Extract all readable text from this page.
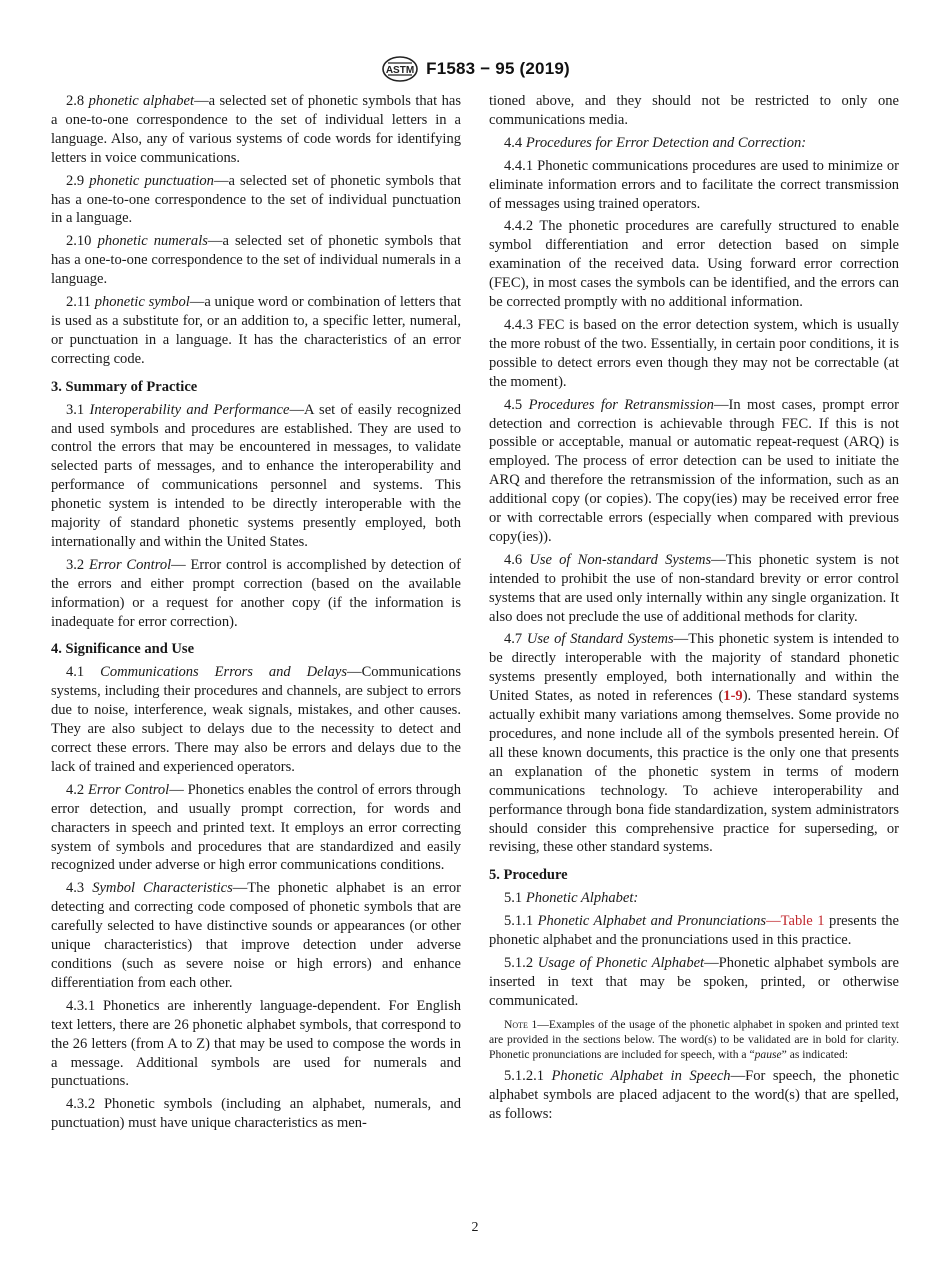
ASTM F1583 − 95 (2019)

2.8 phonetic alphabet—a selected set of phonetic symbols that has a one-to-one correspondence to the set of individual letters in a language. Also, any of various systems of code words for identifying letters in voice communications.

2.9 phonetic punctuation—a selected set of phonetic symbols that has a one-to-one correspondence to the set of individual punctuation in a language.

2.10 phonetic numerals—a selected set of phonetic symbols that has a one-to-one correspondence to the set of individual numerals in a language.

2.11 phonetic symbol—a unique word or combination of letters that is used as a substitute for, or an addition to, a specific letter, numeral, or punctuation in a language. It has the characteristics of an error correcting code.

3. Summary of Practice

3.1 Interoperability and Performance—A set of easily recognized and used symbols and procedures are established. They are used to control the errors that may be encountered in messages, to validate selected parts of messages, and to enhance the interoperability and performance of communications personnel and systems. This phonetic system is intended to be directly interoperable with the majority of standard phonetic systems presently employed, both internationally and within the United States.

3.2 Error Control— Error control is accomplished by detection of the errors and either prompt correction (based on the available information) or a request for another copy (if the information is inadequate for error correction).

4. Significance and Use

4.1 Communications Errors and Delays—Communications systems, including their procedures and channels, are subject to errors due to noise, interference, weak signals, mistakes, and other causes. They are also subject to delays due to the necessity to detect and correct these errors. There may also be errors and delays due to the lack of trained and experienced operators.

4.2 Error Control— Phonetics enables the control of errors through error detection, and usually prompt correction, for words and characters in speech and printed text. It employs an error correcting system of symbols and procedures that are standardized and easily recognized under adverse or high error communications conditions.

4.3 Symbol Characteristics—The phonetic alphabet is an error detecting and correcting code composed of phonetic symbols that are carefully selected to have distinctive sounds or appearances (or other unique characteristics) that improve detection under adverse conditions (such as severe noise or high errors) and enhance differentiation from each other.

4.3.1 Phonetics are inherently language-dependent. For English text letters, there are 26 phonetic alphabet symbols, that correspond to the 26 letters (from A to Z) that may be used to compose the words in a message. Additional symbols are used for numerals and punctuations.

4.3.2 Phonetic symbols (including an alphabet, numerals, and punctuation) must have unique characteristics as men-

tioned above, and they should not be restricted to only one communications media.

4.4 Procedures for Error Detection and Correction:

4.4.1 Phonetic communications procedures are used to minimize or eliminate information errors and to facilitate the correct transmission of messages using trained operators.

4.4.2 The phonetic procedures are carefully structured to enable symbol differentiation and error detection based on simple examination of the received data. Using forward error correction (FEC), in most cases the symbols can be identified, and the errors can be corrected promptly with no additional information.

4.4.3 FEC is based on the error detection system, which is usually the more robust of the two. Essentially, in certain poor conditions, it is possible to detect errors even though they may not be correctable (at the moment).

4.5 Procedures for Retransmission—In most cases, prompt error detection and correction is achievable through FEC. If this is not possible or acceptable, manual or automatic repeat-request (ARQ) is employed. The process of error detection can be used to initiate the ARQ and therefore the retransmission of the information, such as an additional copy (or copies). The copy(ies) may be received error free or with correctable errors (especially when compared with previous copy(ies)).

4.6 Use of Non-standard Systems—This phonetic system is not intended to prohibit the use of non-standard brevity or error control systems that are used only internally within any single organization. It also does not preclude the use of additional methods for clarity.

4.7 Use of Standard Systems—This phonetic system is intended to be directly interoperable with the majority of standard phonetic systems presently employed, both internationally and within the United States, as noted in references (1-9). These standard systems actually exhibit many variations among themselves. Some provide no procedures, and none include all of the symbols presented herein. Of all these known documents, this practice is the only one that presents an explanation of the phonetic system in terms of modern communications technology. To achieve interoperability and performance through bona fide standardization, system administrators should consider this comprehensive practice for superseding, or revising, these other standard systems.

5. Procedure

5.1 Phonetic Alphabet:

5.1.1 Phonetic Alphabet and Pronunciations—Table 1 presents the phonetic alphabet and the pronunciations used in this practice.

5.1.2 Usage of Phonetic Alphabet—Phonetic alphabet symbols are inserted in text that may be spoken, printed, or otherwise communicated.

Note 1—Examples of the usage of the phonetic alphabet in spoken and printed text are provided in the sections below. The word(s) to be validated are in bold for clarity. Phonetic pronunciations are included for speech, with a “pause” as indicated:

5.1.2.1 Phonetic Alphabet in Speech—For speech, the phonetic alphabet symbols are placed adjacent to the word(s) that are spelled, as follows:

2
